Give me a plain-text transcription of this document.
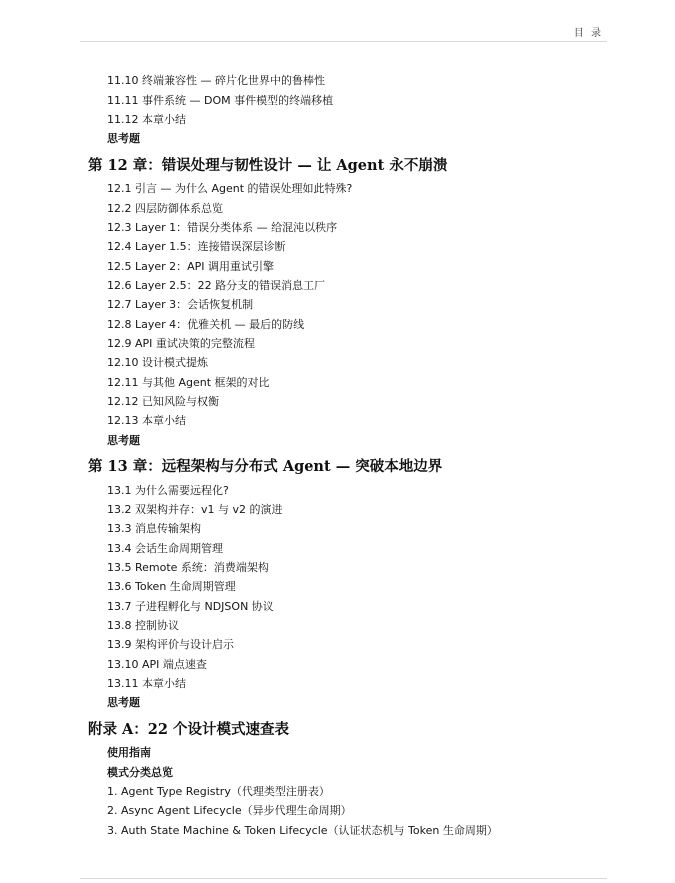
目 录
11.10 终端兼容性 — 碎片化世界中的鲁棒性
11.11 事件系统 — DOM 事件模型的终端移植
11.12 本章小结
思考题
第 12 章：错误处理与韧性设计 — 让 Agent 永不崩溃
12.1 引言 — 为什么 Agent 的错误处理如此特殊?
12.2 四层防御体系总览
12.3 Layer 1：错误分类体系 — 给混沌以秩序
12.4 Layer 1.5：连接错误深层诊断
12.5 Layer 2：API 调用重试引擎
12.6 Layer 2.5：22 路分支的错误消息工厂
12.7 Layer 3：会话恢复机制
12.8 Layer 4：优雅关机 — 最后的防线
12.9 API 重试决策的完整流程
12.10 设计模式提炼
12.11 与其他 Agent 框架的对比
12.12 已知风险与权衡
12.13 本章小结
思考题
第 13 章：远程架构与分布式 Agent — 突破本地边界
13.1 为什么需要远程化?
13.2 双架构并存：v1 与 v2 的演进
13.3 消息传输架构
13.4 会话生命周期管理
13.5 Remote 系统：消费端架构
13.6 Token 生命周期管理
13.7 子进程孵化与 NDJSON 协议
13.8 控制协议
13.9 架构评价与设计启示
13.10 API 端点速查
13.11 本章小结
思考题
附录 A：22 个设计模式速查表
使用指南
模式分类总览
1. Agent Type Registry（代理类型注册表）
2. Async Agent Lifecycle（异步代理生命周期）
3. Auth State Machine & Token Lifecycle（认证状态机与 Token 生命周期）
